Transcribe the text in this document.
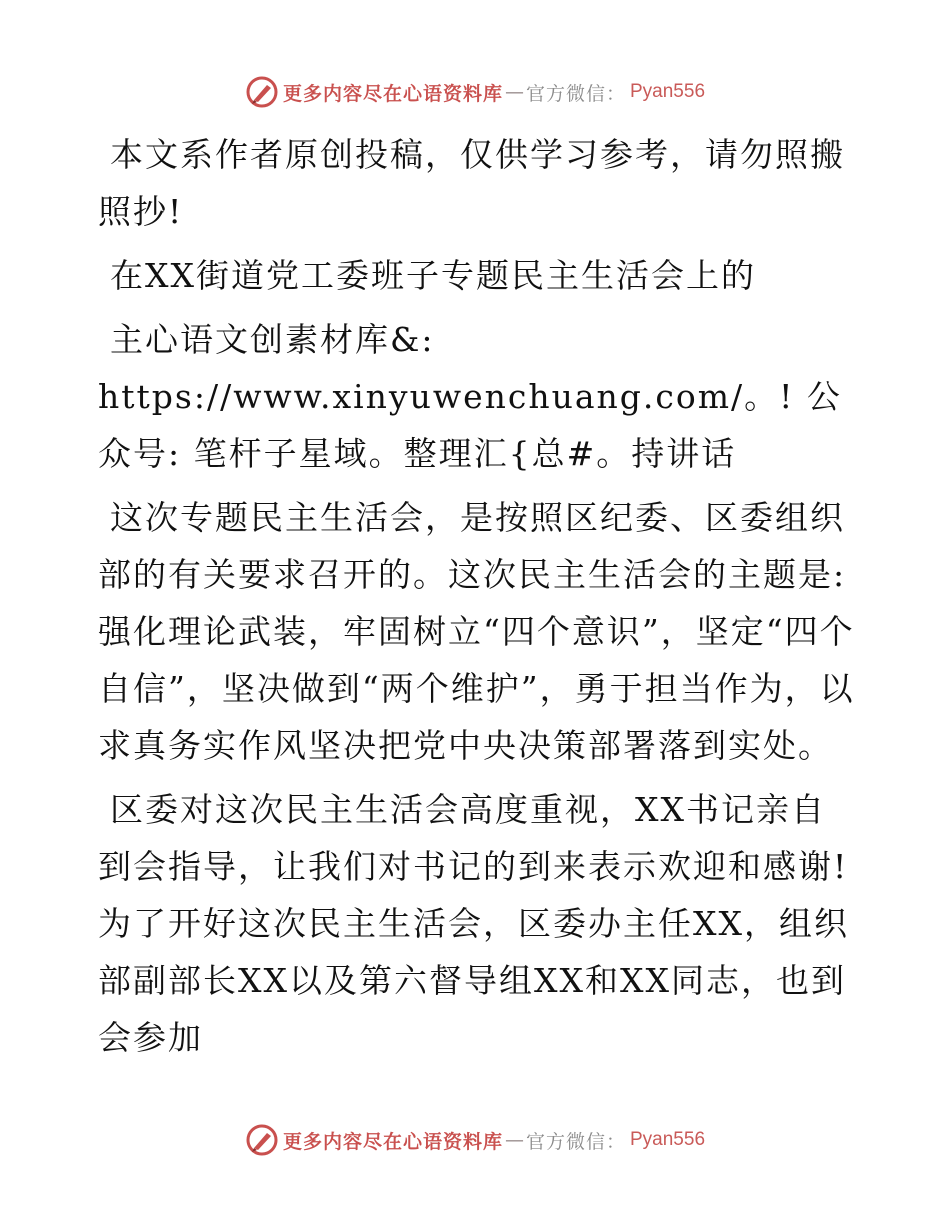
更多内容尽在心语资料库 — 官方微信： Pyan556

本文系作者原创投稿，仅供学习参考，请勿照搬照抄!

在XX街道党工委班子专题民主生活会上的

主心语文创素材库&: https://www.xinyuwenchuang.com/。! 公众号: 笔杆子星域。整理汇{总#。持讲话

这次专题民主生活会，是按照区纪委、区委组织部的有关要求召开的。这次民主生活会的主题是:强化理论武装，牢固树立“四个意识”，坚定“四个自信”，坚决做到“两个维护”，勇于担当作为，以求真务实作风坚决把党中央决策部署落到实处。

区委对这次民主生活会高度重视，XX书记亲自到会指导，让我们对书记的到来表示欢迎和感谢! 为了开好这次民主生活会，区委办主任XX，组织部副部长XX以及第六督导组XX和XX同志，也到会参加

更多内容尽在心语资料库 — 官方微信： Pyan556
